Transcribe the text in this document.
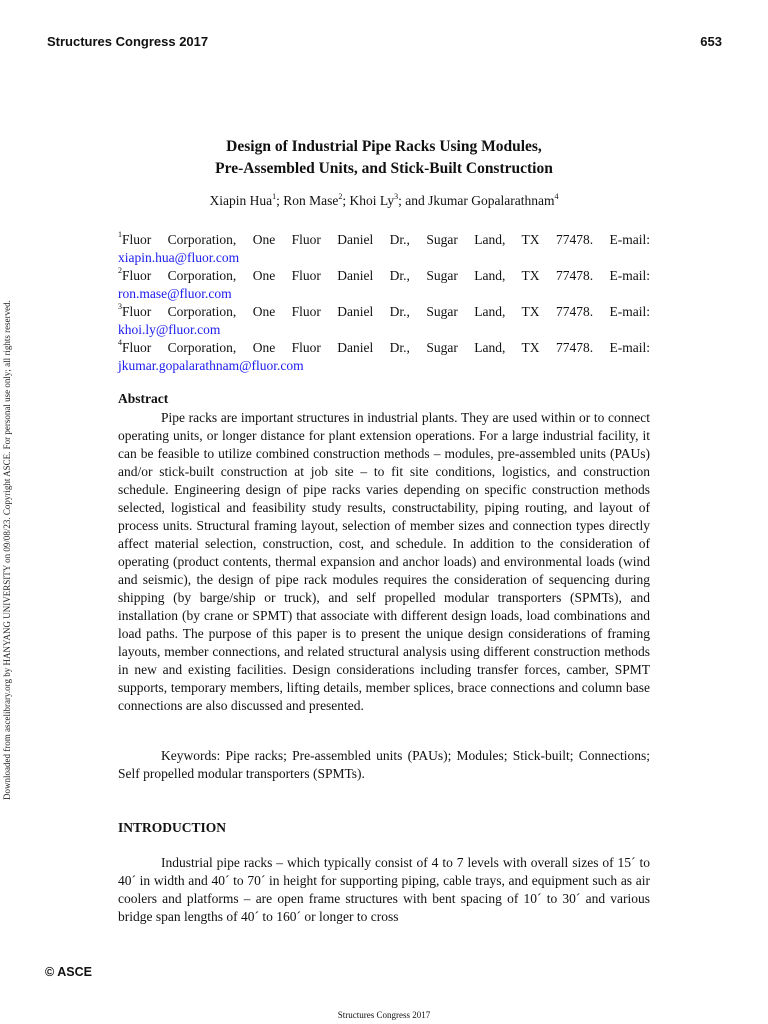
Structures Congress 2017	653
Downloaded from ascelibrary.org by HANYANG UNIVERSITY on 09/08/23. Copyright ASCE. For personal use only; all rights reserved.
Design of Industrial Pipe Racks Using Modules,
Pre-Assembled Units, and Stick-Built Construction
Xiapin Hua$^1$; Ron Mase$^2$; Khoi Ly$^3$; and Jkumar Gopalarathnam$^4$
$^1$Fluor Corporation, One Fluor Daniel Dr., Sugar Land, TX 77478. E-mail:
xiapin.hua@fluor.com
$^2$Fluor Corporation, One Fluor Daniel Dr., Sugar Land, TX 77478. E-mail:
ron.mase@fluor.com
$^3$Fluor Corporation, One Fluor Daniel Dr., Sugar Land, TX 77478. E-mail:
khoi.ly@fluor.com
$^4$Fluor Corporation, One Fluor Daniel Dr., Sugar Land, TX 77478. E-mail:
jkumar.gopalarathnam@fluor.com
Abstract

Pipe racks are important structures in industrial plants. They are used within or to connect operating units, or longer distance for plant extension operations. For a large industrial facility, it can be feasible to utilize combined construction methods – modules, pre-assembled units (PAUs) and/or stick-built construction at job site – to fit site conditions, logistics, and construction schedule. Engineering design of pipe racks varies depending on specific construction methods selected, logistical and feasibility study results, constructability, piping routing, and layout of process units. Structural framing layout, selection of member sizes and connection types directly affect material selection, construction, cost, and schedule. In addition to the consideration of operating (product contents, thermal expansion and anchor loads) and environmental loads (wind and seismic), the design of pipe rack modules requires the consideration of sequencing during shipping (by barge/ship or truck), and self propelled modular transporters (SPMTs), and installation (by crane or SPMT) that associate with different design loads, load combinations and load paths. The purpose of this paper is to present the unique design considerations of framing layouts, member connections, and related structural analysis using different construction methods in new and existing facilities. Design considerations including transfer forces, camber, SPMT supports, temporary members, lifting details, member splices, brace connections and column base connections are also discussed and presented.

Keywords: Pipe racks; Pre-assembled units (PAUs); Modules; Stick-built; Connections; Self propelled modular transporters (SPMTs).

INTRODUCTION

Industrial pipe racks – which typically consist of 4 to 7 levels with overall sizes of 15´ to 40´ in width and 40´ to 70´ in height for supporting piping, cable trays, and equipment such as air coolers and platforms – are open frame structures with bent spacing of 10´ to 30´ and various bridge span lengths of 40´ to 160´ or longer to cross

© ASCE
Structures Congress 2017
